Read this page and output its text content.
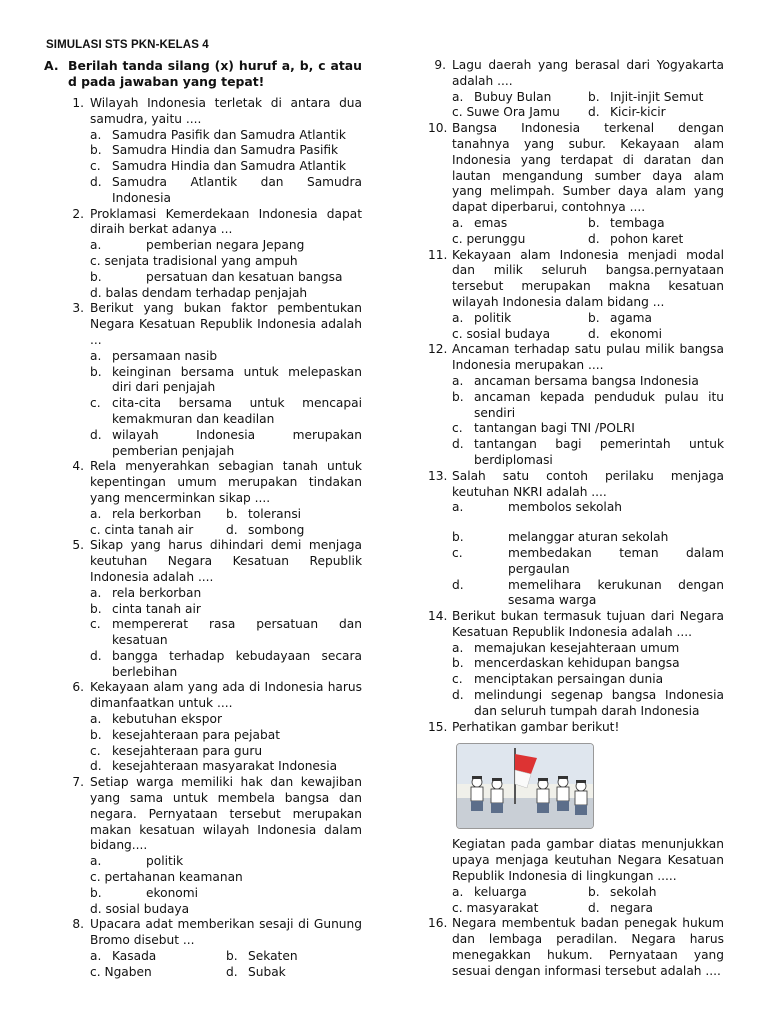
SIMULASI STS PKN-KELAS 4
A. Berilah tanda silang (x) huruf a, b, c atau d pada jawaban yang tepat!
1. Wilayah Indonesia terletak di antara dua samudra, yaitu ....
a. Samudra Pasifik dan Samudra Atlantik
b. Samudra Hindia dan Samudra Pasifik
c. Samudra Hindia dan Samudra Atlantik
d. Samudra Atlantik dan Samudra Indonesia
2. Proklamasi Kemerdekaan Indonesia dapat diraih berkat adanya ...
a.	pemberian negara Jepang
c. senjata tradisional yang ampuh
b.	persatuan dan kesatuan bangsa
d. balas dendam terhadap penjajah
3. Berikut yang bukan faktor pembentukan Negara Kesatuan Republik Indonesia adalah ...
a. persamaan nasib
b. keinginan bersama untuk melepaskan diri dari penjajah
c. cita-cita bersama untuk mencapai kemakmuran dan keadilan
d. wilayah Indonesia merupakan pemberian penjajah
4. Rela menyerahkan sebagian tanah untuk kepentingan umum merupakan tindakan yang mencerminkan sikap ....
a. rela berkorban	b. toleransi
c. cinta tanah air	d. sombong
5. Sikap yang harus dihindari demi menjaga keutuhan Negara Kesatuan Republik Indonesia adalah ....
a. rela berkorban
b. cinta tanah air
c. mempererat rasa persatuan dan kesatuan
d. bangga terhadap kebudayaan secara berlebihan
6. Kekayaan alam yang ada di Indonesia harus dimanfaatkan untuk ....
a. kebutuhan ekspor
b. kesejahteraan para pejabat
c. kesejahteraan para guru
d. kesejahteraan masyarakat Indonesia
7. Setiap warga memiliki hak dan kewajiban yang sama untuk membela bangsa dan negara. Pernyataan tersebut merupakan makan kesatuan wilayah Indonesia dalam bidang....
a.	politik
c. pertahanan keamanan
b.	ekonomi
d. sosial budaya
8. Upacara adat memberikan sesaji di Gunung Bromo disebut ...
a. Kasada	b. Sekaten
c. Ngaben	d. Subak
9. Lagu daerah yang berasal dari Yogyakarta adalah ....
a. Bubuy Bulan	b. Injit-injit Semut
c. Suwe Ora Jamu	d. Kicir-kicir
10. Bangsa Indonesia terkenal dengan tanahnya yang subur. Kekayaan alam Indonesia yang terdapat di daratan dan lautan mengandung sumber daya alam yang melimpah. Sumber daya alam yang dapat diperbarui, contohnya ....
a. emas	b. tembaga
c. perunggu	d. pohon karet
11. Kekayaan alam Indonesia menjadi modal dan milik seluruh bangsa.pernyataan tersebut merupakan makna kesatuan wilayah Indonesia dalam bidang ...
a. politik	b. agama
c. sosial budaya	d. ekonomi
12. Ancaman terhadap satu pulau milik bangsa Indonesia merupakan ....
a. ancaman bersama bangsa Indonesia
b. ancaman kepada penduduk pulau itu sendiri
c. tantangan bagi TNI /POLRI
d. tantangan bagi pemerintah untuk berdiplomasi
13. Salah satu contoh perilaku menjaga keutuhan NKRI adalah ....
a.	membolos sekolah
b.	melanggar aturan sekolah
c.	membedakan teman dalam pergaulan
d.	memelihara kerukunan dengan sesama warga
14. Berikut bukan termasuk tujuan dari Negara Kesatuan Republik Indonesia adalah ....
a. memajukan kesejahteraan umum
b. mencerdaskan kehidupan bangsa
c. menciptakan persaingan dunia
d. melindungi segenap bangsa Indonesia dan seluruh tumpah darah Indonesia
15. Perhatikan gambar berikut!
Kegiatan pada gambar diatas menunjukkan upaya menjaga keutuhan Negara Kesatuan Republik Indonesia di lingkungan .....
a. keluarga	b. sekolah
c. masyarakat	d. negara
16. Negara membentuk badan penegak hukum dan lembaga peradilan. Negara harus menegakkan hukum. Pernyataan yang sesuai dengan informasi tersebut adalah ....
